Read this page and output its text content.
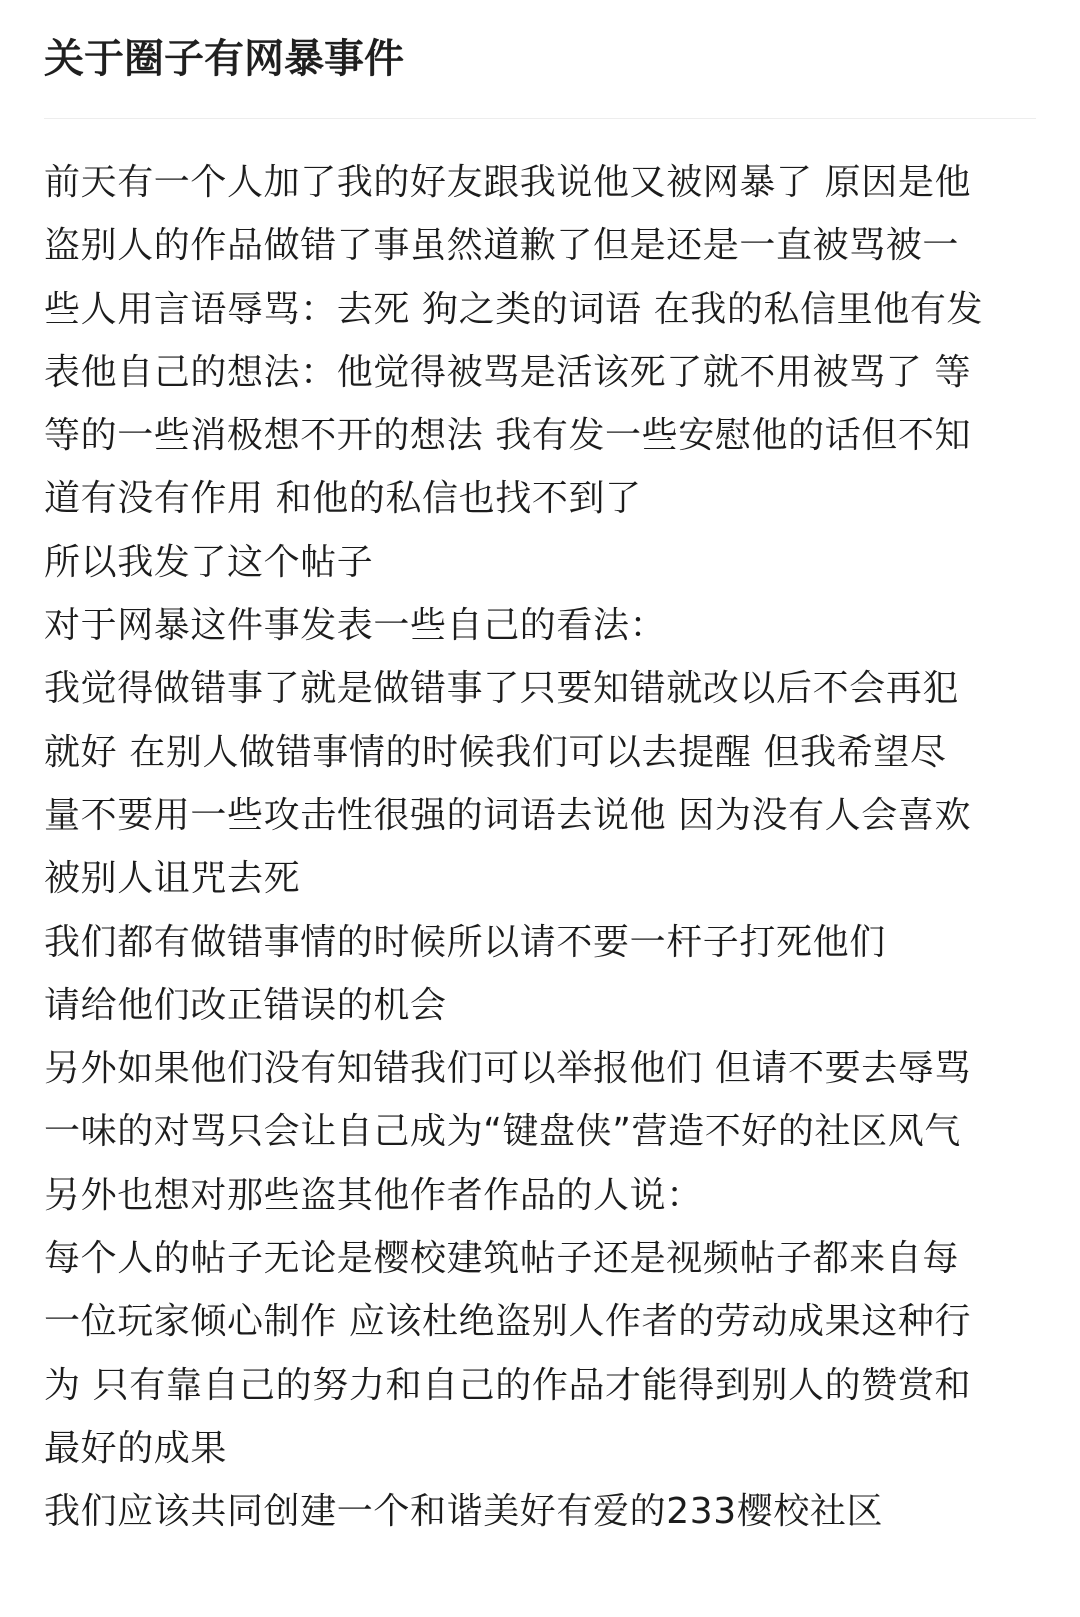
关于圈子有网暴事件
前天有一个人加了我的好友跟我说他又被网暴了 原因是他
盗别人的作品做错了事虽然道歉了但是还是一直被骂被一
些人用言语辱骂：去死 狗之类的词语 在我的私信里他有发
表他自己的想法：他觉得被骂是活该死了就不用被骂了 等
等的一些消极想不开的想法 我有发一些安慰他的话但不知
道有没有作用 和他的私信也找不到了
所以我发了这个帖子
对于网暴这件事发表一些自己的看法：
我觉得做错事了就是做错事了只要知错就改以后不会再犯
就好 在别人做错事情的时候我们可以去提醒 但我希望尽
量不要用一些攻击性很强的词语去说他 因为没有人会喜欢
被别人诅咒去死
我们都有做错事情的时候所以请不要一杆子打死他们
请给他们改正错误的机会
另外如果他们没有知错我们可以举报他们 但请不要去辱骂
一味的对骂只会让自己成为“键盘侠”营造不好的社区风气
另外也想对那些盗其他作者作品的人说：
每个人的帖子无论是樱校建筑帖子还是视频帖子都来自每
一位玩家倾心制作 应该杜绝盗别人作者的劳动成果这种行
为 只有靠自己的努力和自己的作品才能得到别人的赞赏和
最好的成果
我们应该共同创建一个和谐美好有爱的233樱校社区
